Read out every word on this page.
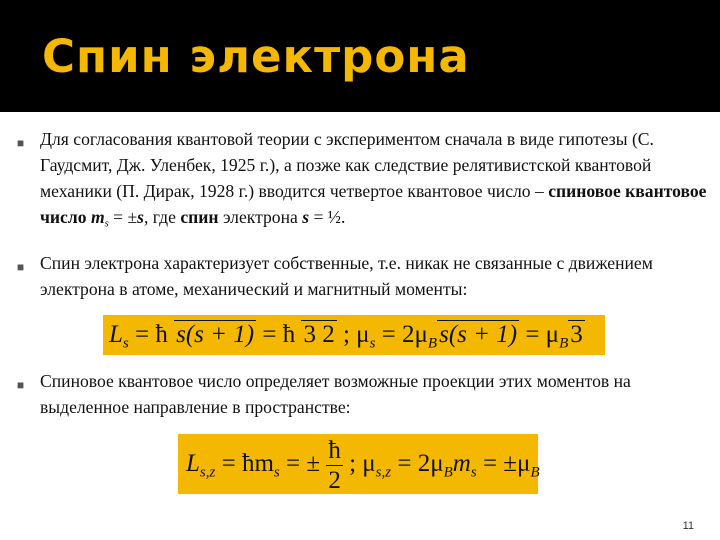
Спин электрона
■ Для согласования квантовой теории с экспериментом сначала в виде гипотезы (С. Гаудсмит, Дж. Уленбек, 1925 г.), а позже как следствие релятивистской квантовой механики (П. Дирак, 1928 г.) вводится четвертое квантовое число – спиновое квантовое число $m_s = \pm s$, где спин электрона s = ½.

■ Спин электрона характеризует собственные, т.е. никак не связанные с движением электрона в атоме, механический и магнитный моменты:

$L_s$ = ħ s(s + 1) = ħ 3 2 ; $\mu_s = 2\mu_Bs(s + 1) = \mu_B3$
■ Спиновое квантовое число определяет возможные проекции этих моментов на выделенное направление в пространстве:

$L_{s,z}$ = $ħm_s$ = ± $\frac{ħ}{2}$ ; $\mu_{s,z} = 2\mu_Bm_s = \pm\mu_B$
11
